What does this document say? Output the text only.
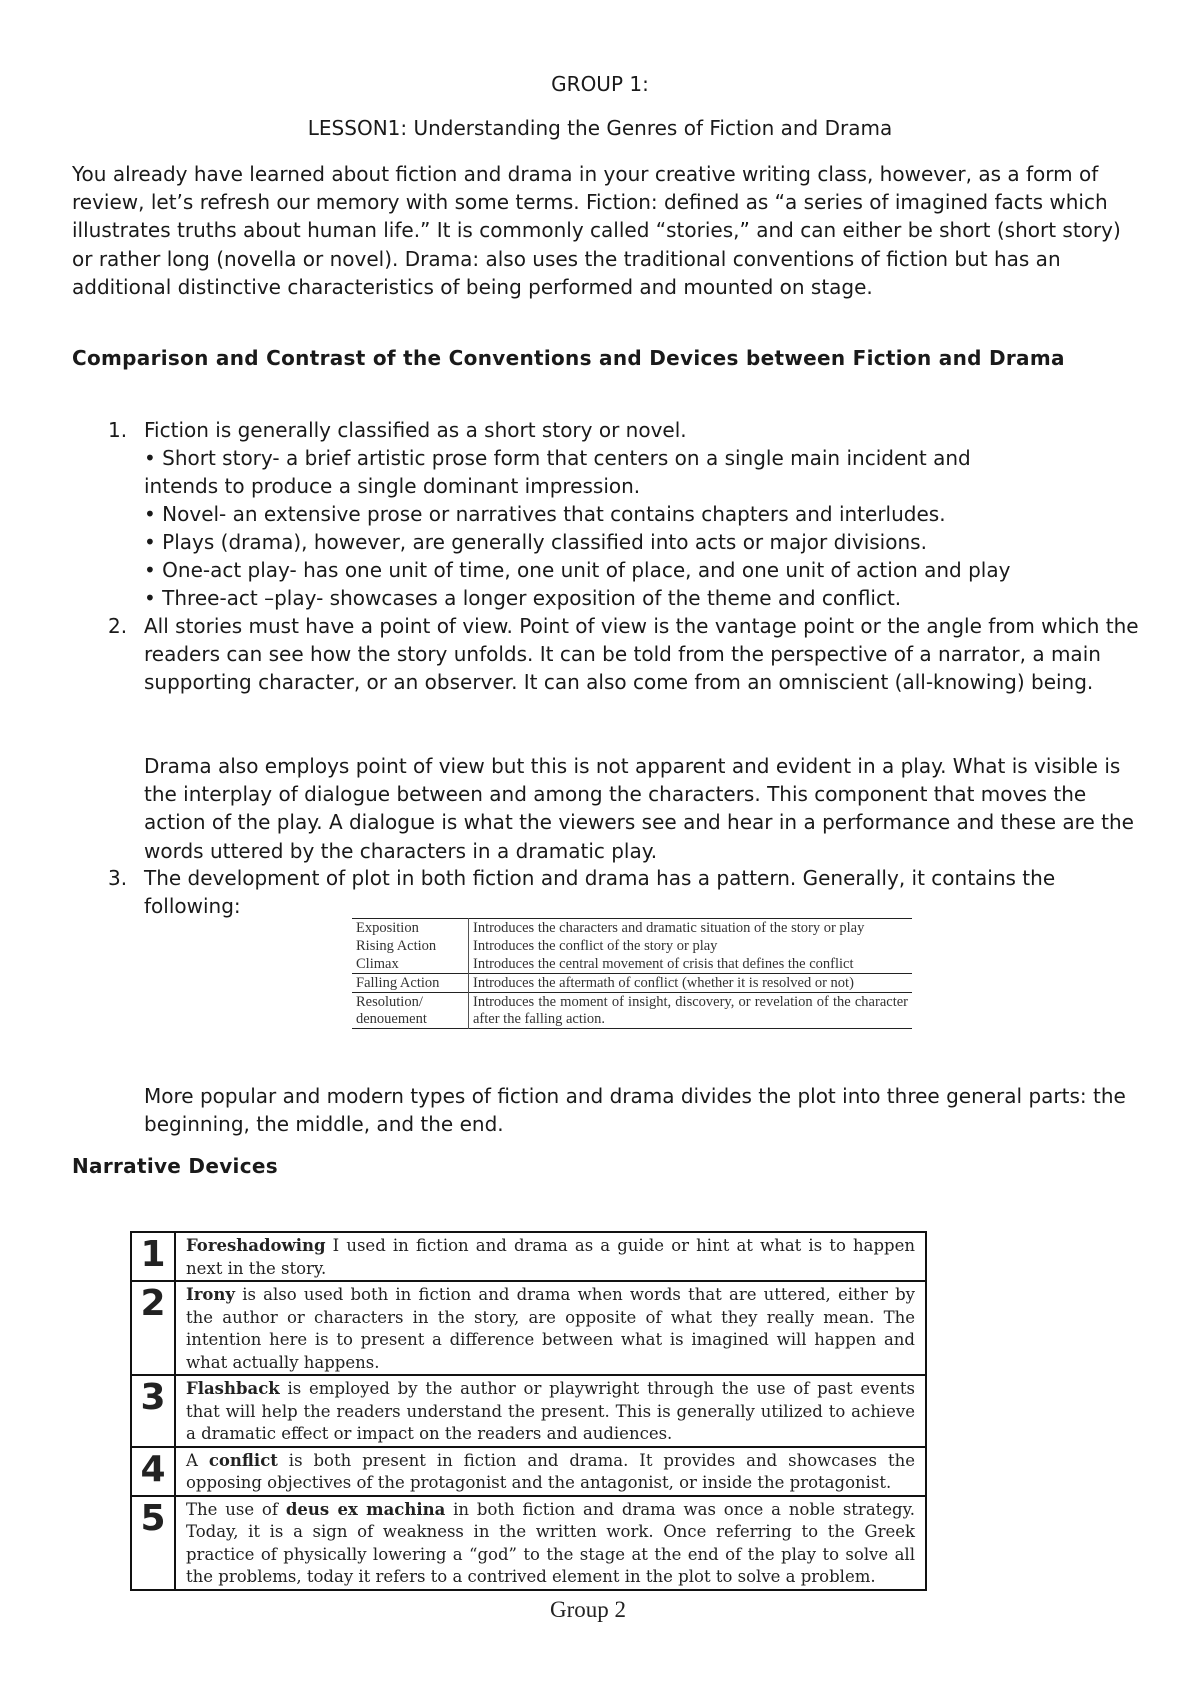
GROUP 1:
LESSON1: Understanding the Genres of Fiction and Drama

You already have learned about fiction and drama in your creative writing class, however, as a form of review, let’s refresh our memory with some terms. Fiction: defined as “a series of imagined facts which illustrates truths about human life.” It is commonly called “stories,” and can either be short (short story) or rather long (novella or novel). Drama: also uses the traditional conventions of fiction but has an additional distinctive characteristics of being performed and mounted on stage.

Comparison and Contrast of the Conventions and Devices between Fiction and Drama

1. Fiction is generally classified as a short story or novel.
• Short story- a brief artistic prose form that centers on a single main incident and
intends to produce a single dominant impression.
• Novel- an extensive prose or narratives that contains chapters and interludes.
• Plays (drama), however, are generally classified into acts or major divisions.
• One-act play- has one unit of time, one unit of place, and one unit of action and play
• Three-act –play- showcases a longer exposition of the theme and conflict.
2. All stories must have a point of view. Point of view is the vantage point or the angle from which the readers can see how the story unfolds. It can be told from the perspective of a narrator, a main supporting character, or an observer. It can also come from an omniscient (all-knowing) being.
Drama also employs point of view but this is not apparent and evident in a play. What is visible is the interplay of dialogue between and among the characters. This component that moves the action of the play. A dialogue is what the viewers see and hear in a performance and these are the words uttered by the characters in a dramatic play.
3. The development of plot in both fiction and drama has a pattern. Generally, it contains the following:
Exposition	Introduces the characters and dramatic situation of the story or play
Rising Action	Introduces the conflict of the story or play
Climax	Introduces the central movement of crisis that defines the conflict
Falling Action	Introduces the aftermath of conflict (whether it is resolved or not)
Resolution/ denouement	Introduces the moment of insight, discovery, or revelation of the character after the falling action.
More popular and modern types of fiction and drama divides the plot into three general parts: the beginning, the middle, and the end.

Narrative Devices

1	Foreshadowing I used in fiction and drama as a guide or hint at what is to happen next in the story.
2	Irony is also used both in fiction and drama when words that are uttered, either by the author or characters in the story, are opposite of what they really mean. The intention here is to present a difference between what is imagined will happen and what actually happens.
3	Flashback is employed by the author or playwright through the use of past events that will help the readers understand the present. This is generally utilized to achieve a dramatic effect or impact on the readers and audiences.
4	A conflict is both present in fiction and drama. It provides and showcases the opposing objectives of the protagonist and the antagonist, or inside the protagonist.
5	The use of deus ex machina in both fiction and drama was once a noble strategy. Today, it is a sign of weakness in the written work. Once referring to the Greek practice of physically lowering a “god” to the stage at the end of the play to solve all the problems, today it refers to a contrived element in the plot to solve a problem.
Group 2
